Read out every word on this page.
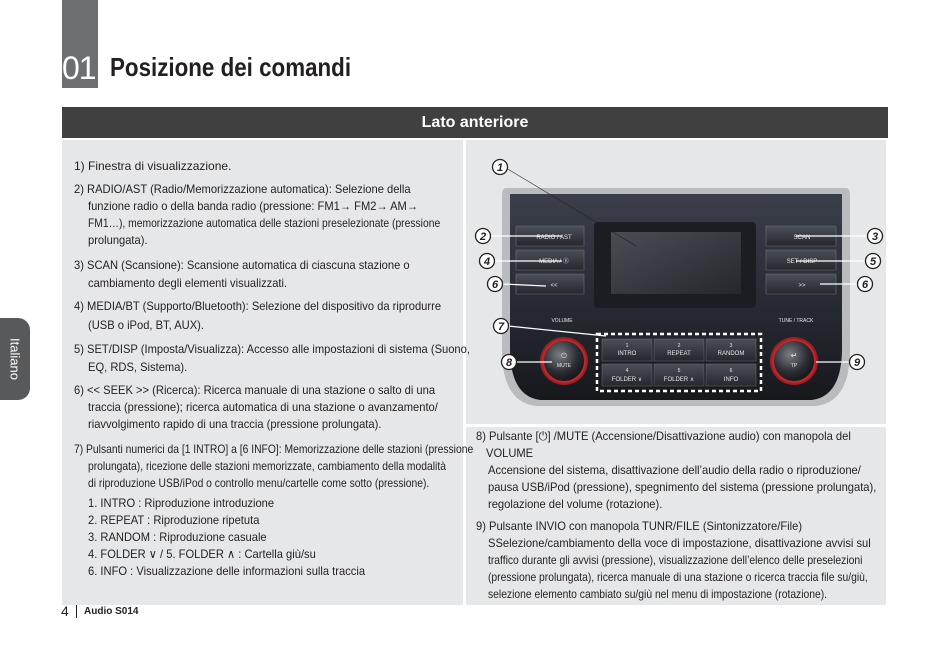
01 Posizione dei comandi
Lato anteriore
Italiano
1) Finestra di visualizzazione.
2) RADIO/AST (Radio/Memorizzazione automatica): Selezione della
funzione radio o della banda radio (pressione: FM1→ FM2→ AM→
FM1…), memorizzazione automatica delle stazioni preselezionate (pressione
prolungata).
3) SCAN (Scansione): Scansione automatica di ciascuna stazione o
cambiamento degli elementi visualizzati.
4) MEDIA/BT (Supporto/Bluetooth): Selezione del dispositivo da riprodurre
(USB o iPod, BT, AUX).
5) SET/DISP (Imposta/Visualizza): Accesso alle impostazioni di sistema (Suono,
EQ, RDS, Sistema).
6) << SEEK >> (Ricerca): Ricerca manuale di una stazione o salto di una
traccia (pressione); ricerca automatica di una stazione o avanzamento/
riavvolgimento rapido di una traccia (pressione prolungata).
7) Pulsanti numerici da [1 INTRO] a [6 INFO]: Memorizzazione delle stazioni (pressione
prolungata), ricezione delle stazioni memorizzate, cambiamento della modalità
di riproduzione USB/iPod o controllo menu/cartelle come sotto (pressione).
1. INTRO : Riproduzione introduzione
2. REPEAT : Riproduzione ripetuta
3. RANDOM : Riproduzione casuale
4. FOLDER ∨ / 5. FOLDER ∧ : Cartella giù/su
6. INFO : Visualizzazione delle informazioni sulla traccia
8) Pulsante [⏻] /MUTE (Accensione/Disattivazione audio) con manopola del
VOLUME
Accensione del sistema, disattivazione dell’audio della radio o riproduzione/
pausa USB/iPod (pressione), spegnimento del sistema (pressione prolungata),
regolazione del volume (rotazione).
9) Pulsante INVIO con manopola TUNR/FILE (Sintonizzatore/File)
SSelezione/cambiamento della voce di impostazione, disattivazione avvisi sul
traffico durante gli avvisi (pressione), visualizzazione dell’elenco delle preselezioni
(pressione prolungata), ricerca manuale di una stazione o ricerca traccia file su/giù,
selezione elemento cambiato su/giù nel menu di impostazione (rotazione).
RADIO / AST
MEDIA / Ⓑ
<<
SCAN
SET / DISP
>>
VOLUME	TUNE / TRACK
⏻
MUTE
↵
TP
1
INTRO
2
REPEAT
3
RANDOM
4
FOLDER ∨
5
FOLDER ∧
6
INFO
1
2	3
4	5
6	6
7
8	9
4 Audio S014
